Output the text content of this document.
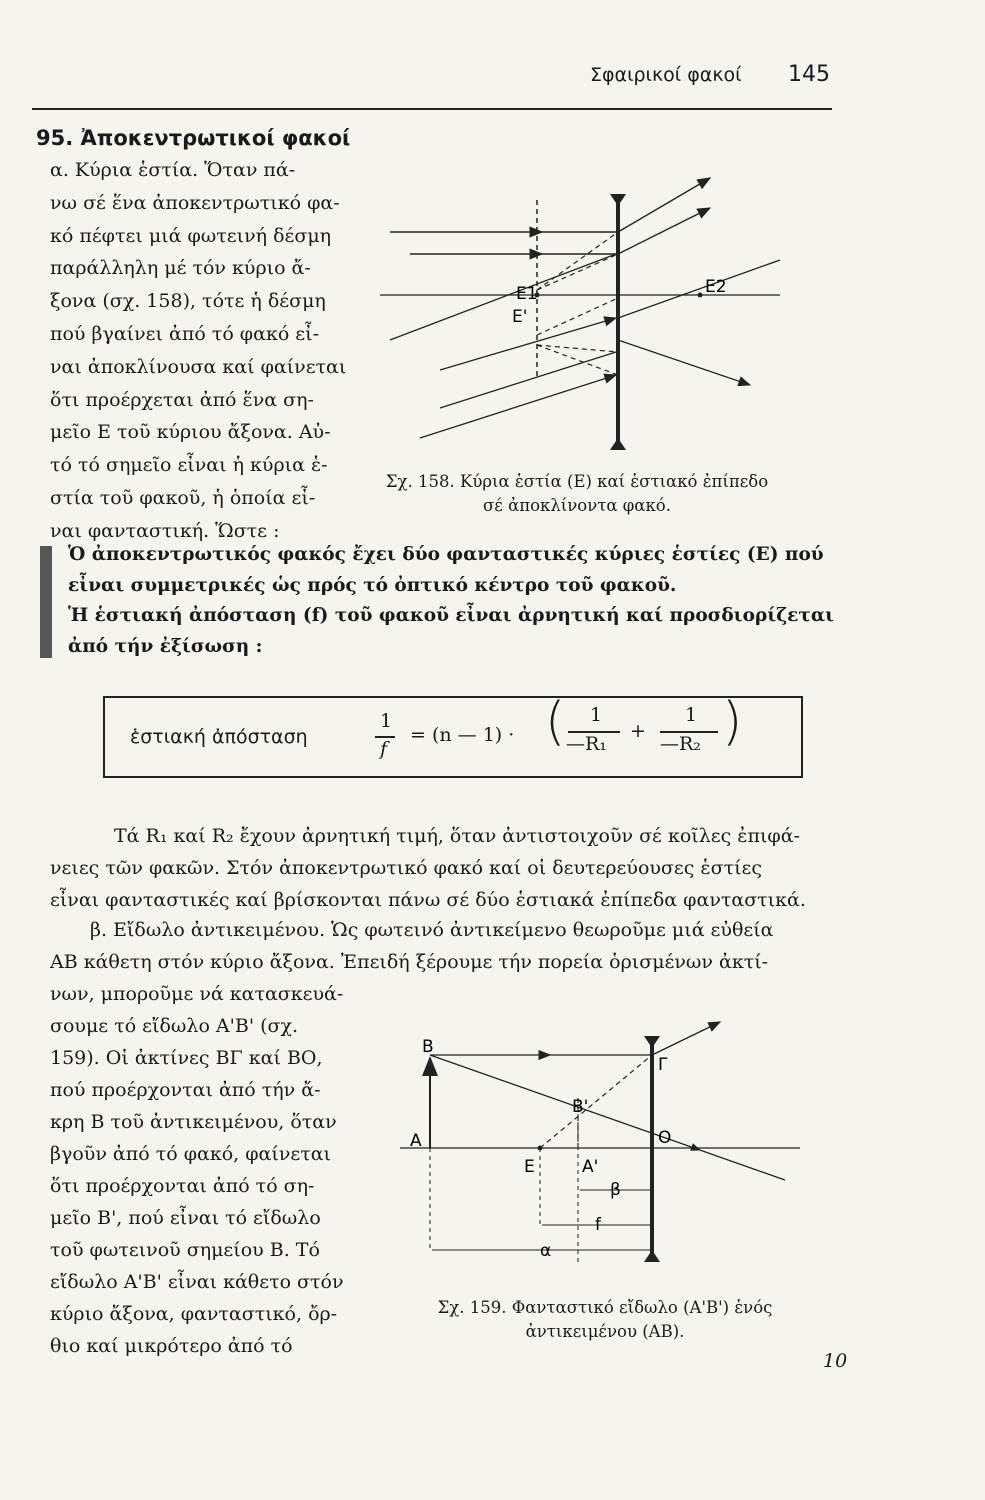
Σφαιρικοί φακοί 145
95. Ἀποκεντρωτικοί φακοί
α. Κύρια ἑστία. Ὅταν πά-
νω σέ ἕνα ἀποκεντρωτικό φα-
κό πέφτει μιά φωτεινή δέσμη
παράλληλη μέ τόν κύριο ἄ-
ξονα (σχ. 158), τότε ἡ δέσμη
πού βγαίνει ἀπό τό φακό εἶ-
ναι ἀποκλίνουσα καί φαίνεται
ὅτι προέρχεται ἀπό ἕνα ση-
μεῖο Ε τοῦ κύριου ἄξονα. Αὐ-
τό τό σημεῖο εἶναι ἡ κύρια ἑ-
στία τοῦ φακοῦ, ἡ ὁποία εἶ-
ναι φανταστική. Ὥστε :
E1	E2
E'
Σχ. 158. Κύρια ἑστία (Ε) καί ἑστιακό ἐπίπεδο
σέ ἀποκλίνοντα φακό.
Ὁ ἀποκεντρωτικός φακός ἔχει δύο φανταστικές κύριες ἑστίες (Ε) πού
εἶναι συμμετρικές ὡς πρός τό ὀπτικό κέντρο τοῦ φακοῦ.
Ἡ ἑστιακή ἀπόσταση (f) τοῦ φακοῦ εἶναι ἀρνητική καί προσδιορίζεται
ἀπό τήν ἐξίσωση :
ἑστιακή ἀπόσταση
1
f
= (n — 1) · ( 1
—R₁
+
1
—R₂ )
Τά R₁ καί R₂ ἔχουν ἀρνητική τιμή, ὅταν ἀντιστοιχοῦν σέ κοῖλες ἐπιφά-
νειες τῶν φακῶν. Στόν ἀποκεντρωτικό φακό καί οἱ δευτερεύουσες ἑστίες
εἶναι φανταστικές καί βρίσκονται πάνω σέ δύο ἑστιακά ἐπίπεδα φανταστικά.
β. Εἴδωλο ἀντικειμένου. Ὡς φωτεινό ἀντικείμενο θεωροῦμε μιά εὐθεία
ΑΒ κάθετη στόν κύριο ἄξονα. Ἐπειδή ξέρουμε τήν πορεία ὁρισμένων ἀκτί-
νων, μποροῦμε νά κατασκευά-
σουμε τό εἴδωλο Α'Β' (σχ.
159). Οἱ ἀκτίνες ΒΓ καί ΒΟ,
πού προέρχονται ἀπό τήν ἄ-
κρη Β τοῦ ἀντικειμένου, ὅταν
βγοῦν ἀπό τό φακό, φαίνεται
ὅτι προέρχονται ἀπό τό ση-
μεῖο Β', πού εἶναι τό εἴδωλο
τοῦ φωτεινοῦ σημείου Β. Τό
εἴδωλο Α'Β' εἶναι κάθετο στόν
κύριο ἄξονα, φανταστικό, ὄρ-
θιο καί μικρότερο ἀπό τό
B
A
Γ
B'
A'
O
E
β
f
α
Σχ. 159. Φανταστικό εἴδωλο (Α'Β') ἑνός
ἀντικειμένου (ΑΒ).
10
